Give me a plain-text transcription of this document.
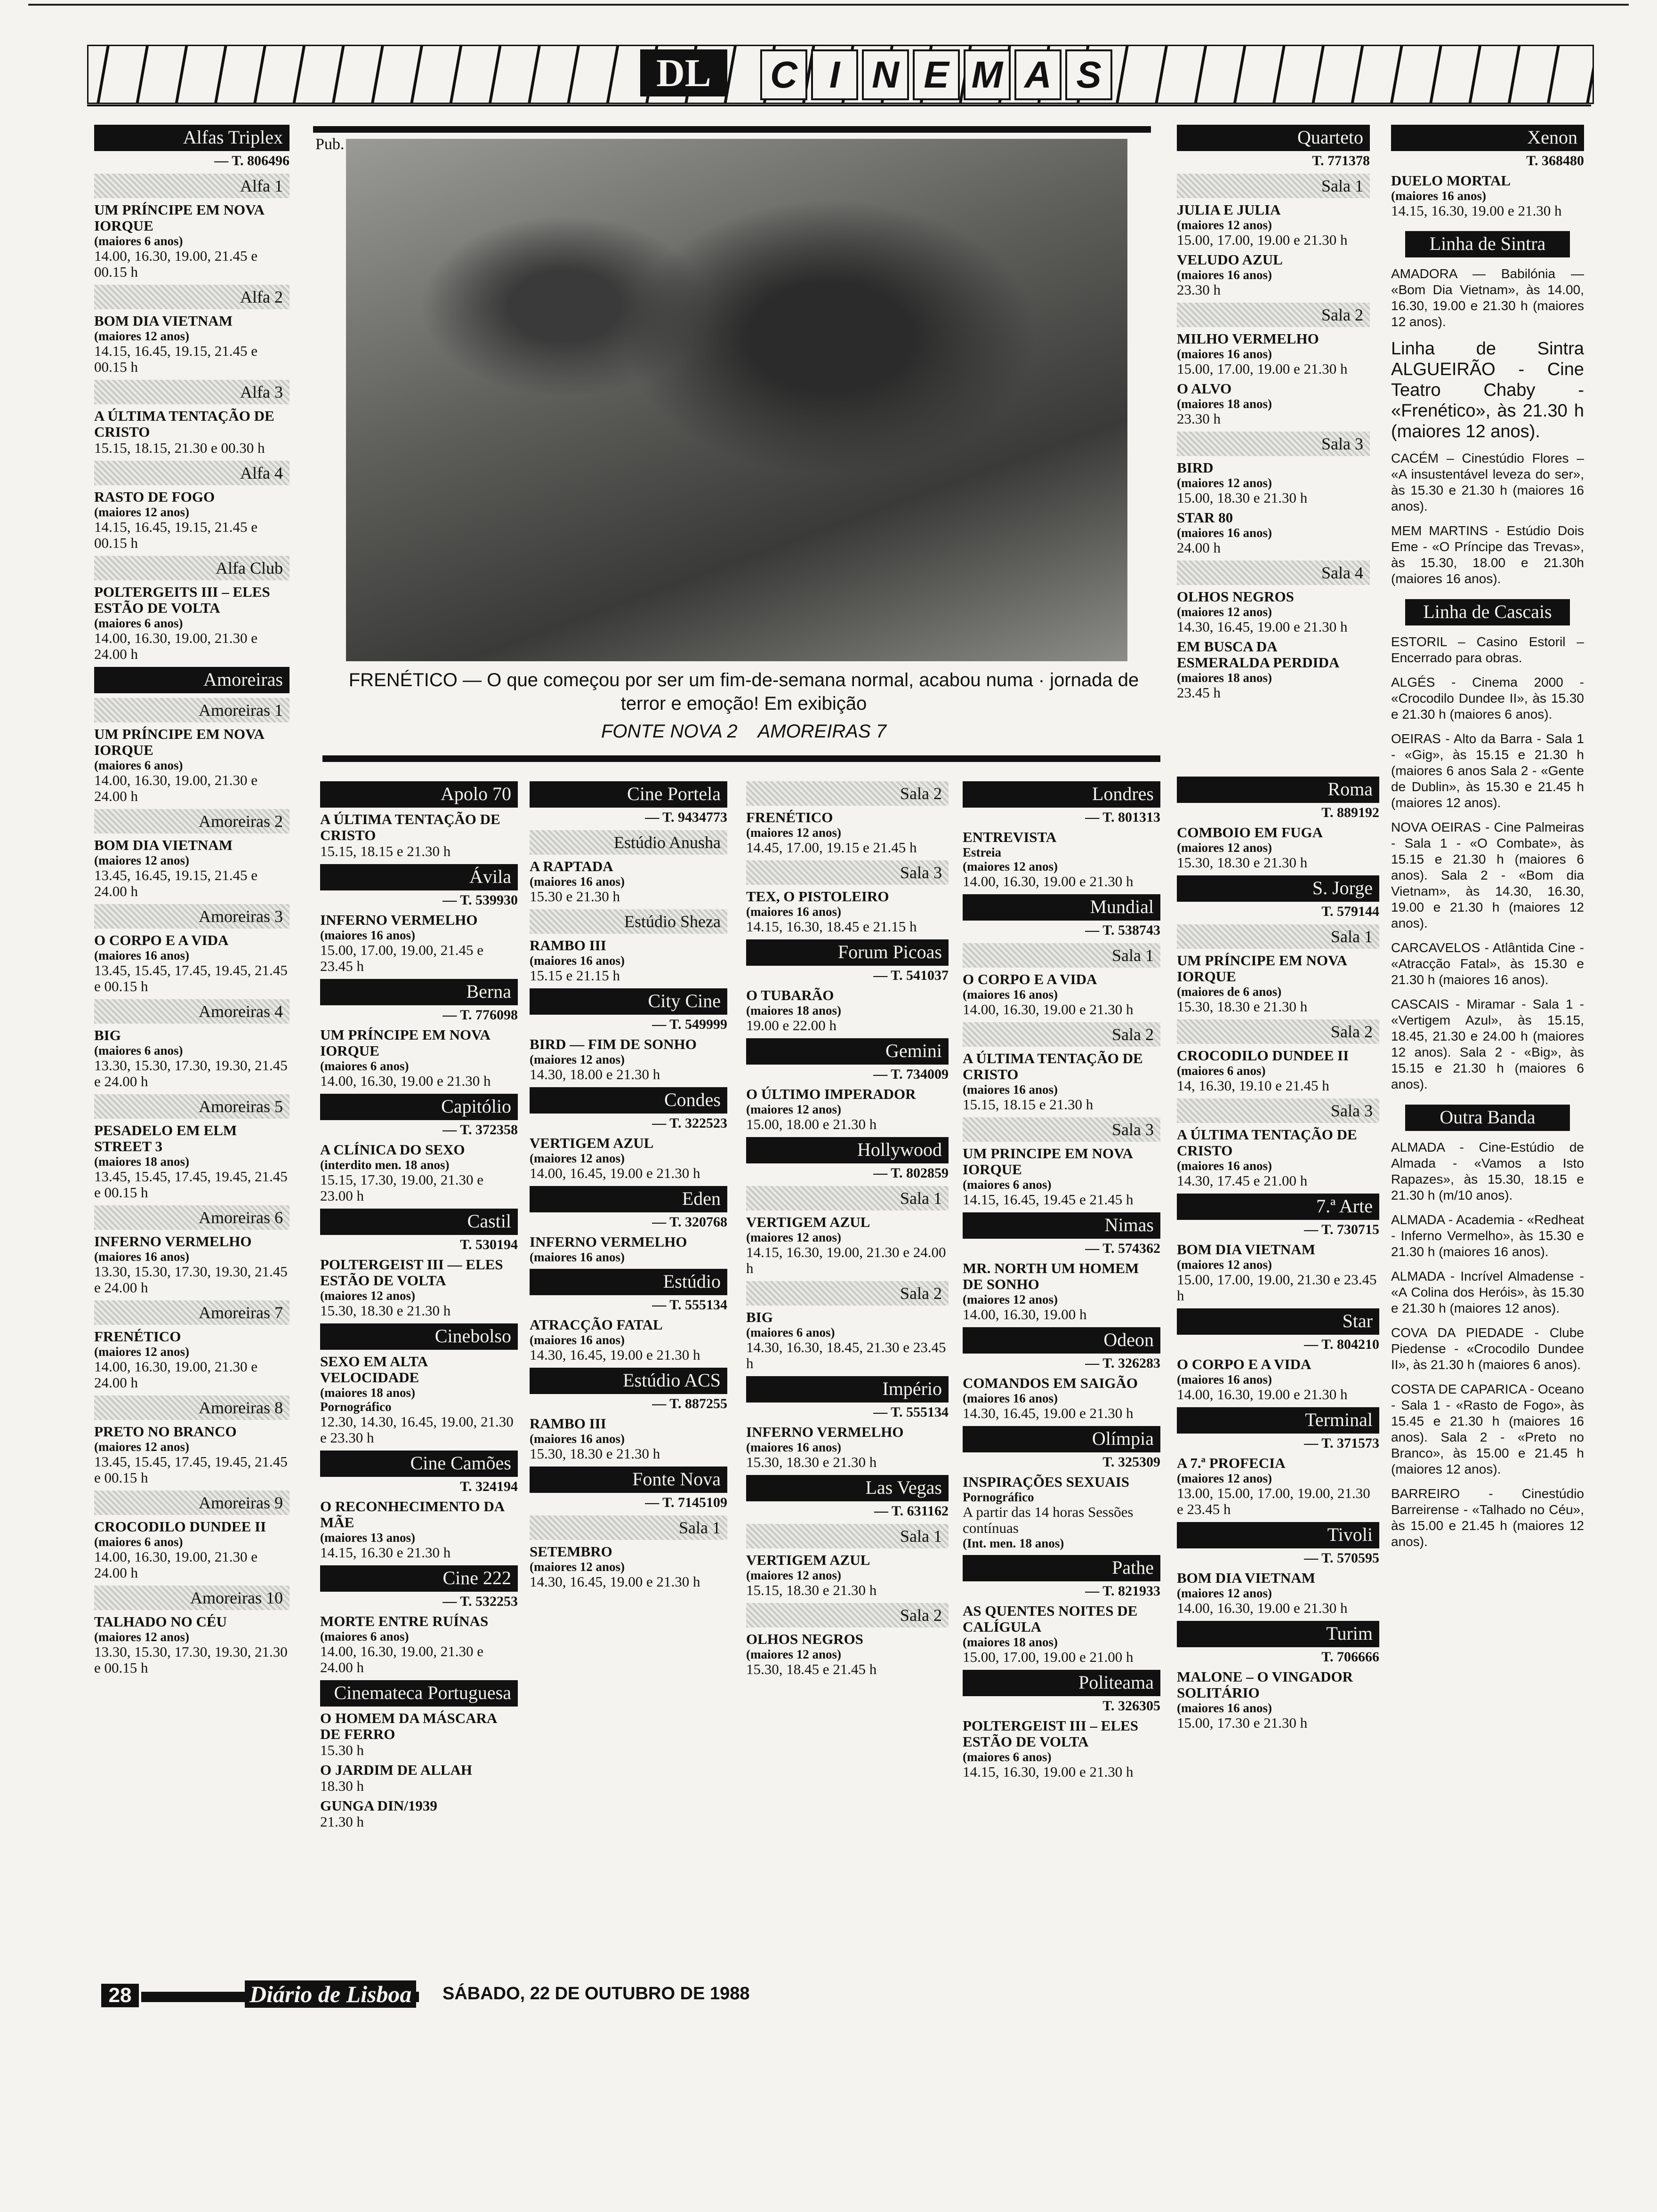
DL	C I N E M A S
Alfas Triplex
— T. 806496
Alfa 1
UM PRÍNCIPE EM NOVA IORQUE
(maiores 6 anos)
14.00, 16.30, 19.00, 21.45 e 00.15 h
Alfa 2
BOM DIA VIETNAM
(maiores 12 anos)
14.15, 16.45, 19.15, 21.45 e 00.15 h
Alfa 3
A ÚLTIMA TENTAÇÃO DE CRISTO
15.15, 18.15, 21.30 e 00.30 h
Alfa 4
RASTO DE FOGO
(maiores 12 anos)
14.15, 16.45, 19.15, 21.45 e 00.15 h
Alfa Club
POLTERGEITS III – ELES ESTÃO DE VOLTA
(maiores 6 anos)
14.00, 16.30, 19.00, 21.30 e 24.00 h
Amoreiras
Amoreiras 1
UM PRÍNCIPE EM NOVA IORQUE
(maiores 6 anos)
14.00, 16.30, 19.00, 21.30 e 24.00 h
Amoreiras 2
BOM DIA VIETNAM
(maiores 12 anos)
13.45, 16.45, 19.15, 21.45 e 24.00 h
Amoreiras 3
O CORPO E A VIDA
(maiores 16 anos)
13.45, 15.45, 17.45, 19.45, 21.45 e 00.15 h
Amoreiras 4
BIG
(maiores 6 anos)
13.30, 15.30, 17.30, 19.30, 21.45 e 24.00 h
Amoreiras 5
PESADELO EM ELM STREET 3
(maiores 18 anos)
13.45, 15.45, 17.45, 19.45, 21.45 e 00.15 h
Amoreiras 6
INFERNO VERMELHO
(maiores 16 anos)
13.30, 15.30, 17.30, 19.30, 21.45 e 24.00 h
Amoreiras 7
FRENÉTICO
(maiores 12 anos)
14.00, 16.30, 19.00, 21.30 e 24.00 h
Amoreiras 8
PRETO NO BRANCO
(maiores 12 anos)
13.45, 15.45, 17.45, 19.45, 21.45 e 00.15 h
Amoreiras 9
CROCODILO DUNDEE II
(maiores 6 anos)
14.00, 16.30, 19.00, 21.30 e 24.00 h
Amoreiras 10
TALHADO NO CÉU
(maiores 12 anos)
13.30, 15.30, 17.30, 19.30, 21.30 e 00.15 h
Apolo 70
A ÚLTIMA TENTAÇÃO DE CRISTO
15.15, 18.15 e 21.30 h
Ávila
— T. 539930
INFERNO VERMELHO
(maiores 16 anos)
15.00, 17.00, 19.00, 21.45 e 23.45 h
Berna
— T. 776098
UM PRÍNCIPE EM NOVA IORQUE
(maiores 6 anos)
14.00, 16.30, 19.00 e 21.30 h
Capitólio
— T. 372358
A CLÍNICA DO SEXO
(interdito men. 18 anos)
15.15, 17.30, 19.00, 21.30 e 23.00 h
Castil
T. 530194
POLTERGEIST III — ELES ESTÃO DE VOLTA
(maiores 12 anos)
15.30, 18.30 e 21.30 h
Cinebolso
SEXO EM ALTA VELOCIDADE
(maiores 18 anos)
Pornográfico
12.30, 14.30, 16.45, 19.00, 21.30 e 23.30 h
Cine Camões
T. 324194
O RECONHECIMENTO DA MÃE
(maiores 13 anos)
14.15, 16.30 e 21.30 h
Cine 222
— T. 532253
MORTE ENTRE RUÍNAS
(maiores 6 anos)
14.00, 16.30, 19.00, 21.30 e 24.00 h
Cinemateca Portuguesa
O HOMEM DA MÁSCARA DE FERRO
15.30 h
O JARDIM DE ALLAH
18.30 h
GUNGA DIN/1939
21.30 h
Cine Portela
— T. 9434773
Estúdio Anusha
A RAPTADA
(maiores 16 anos)
15.30 e 21.30 h
Estúdio Sheza
RAMBO III
(maiores 16 anos)
15.15 e 21.15 h
City Cine
— T. 549999
BIRD — FIM DE SONHO
(maiores 12 anos)
14.30, 18.00 e 21.30 h
Condes
— T. 322523
VERTIGEM AZUL
(maiores 12 anos)
14.00, 16.45, 19.00 e 21.30 h
Eden
— T. 320768
INFERNO VERMELHO
(maiores 16 anos)
Estúdio
— T. 555134
ATRACÇÃO FATAL
(maiores 16 anos)
14.30, 16.45, 19.00 e 21.30 h
Estúdio ACS
— T. 887255
RAMBO III
(maiores 16 anos)
15.30, 18.30 e 21.30 h
Fonte Nova
— T. 7145109
Sala 1
SETEMBRO
(maiores 12 anos)
14.30, 16.45, 19.00 e 21.30 h
Sala 2
FRENÉTICO
(maiores 12 anos)
14.45, 17.00, 19.15 e 21.45 h
Sala 3
TEX, O PISTOLEIRO
(maiores 16 anos)
14.15, 16.30, 18.45 e 21.15 h
Forum Picoas
— T. 541037
O TUBARÃO
(maiores 18 anos)
19.00 e 22.00 h
Gemini
— T. 734009
O ÚLTIMO IMPERADOR
(maiores 12 anos)
15.00, 18.00 e 21.30 h
Hollywood
— T. 802859
Sala 1
VERTIGEM AZUL
(maiores 12 anos)
14.15, 16.30, 19.00, 21.30 e 24.00 h
Sala 2
BIG
(maiores 6 anos)
14.30, 16.30, 18.45, 21.30 e 23.45 h
Império
— T. 555134
INFERNO VERMELHO
(maiores 16 anos)
15.30, 18.30 e 21.30 h
Las Vegas
— T. 631162
Sala 1
VERTIGEM AZUL
(maiores 12 anos)
15.15, 18.30 e 21.30 h
Sala 2
OLHOS NEGROS
(maiores 12 anos)
15.30, 18.45 e 21.45 h
Londres
— T. 801313
ENTREVISTA
Estreia
(maiores 12 anos)
14.00, 16.30, 19.00 e 21.30 h
Mundial
— T. 538743
Sala 1
O CORPO E A VIDA
(maiores 16 anos)
14.00, 16.30, 19.00 e 21.30 h
Sala 2
A ÚLTIMA TENTAÇÃO DE CRISTO
(maiores 16 anos)
15.15, 18.15 e 21.30 h
Sala 3
UM PRINCIPE EM NOVA IORQUE
(maiores 6 anos)
14.15, 16.45, 19.45 e 21.45 h
Nimas
— T. 574362
MR. NORTH UM HOMEM DE SONHO
(maiores 12 anos)
14.00, 16.30, 19.00 h
Odeon
— T. 326283
COMANDOS EM SAIGÃO
(maiores 16 anos)
14.30, 16.45, 19.00 e 21.30 h
Olímpia
T. 325309
INSPIRAÇÕES SEXUAIS
Pornográfico
A partir das 14 horas Sessões contínuas
(Int. men. 18 anos)
Pathe
— T. 821933
AS QUENTES NOITES DE CALÍGULA
(maiores 18 anos)
15.00, 17.00, 19.00 e 21.00 h
Politeama
T. 326305
POLTERGEIST III – ELES ESTÃO DE VOLTA
(maiores 6 anos)
14.15, 16.30, 19.00 e 21.30 h
Quarteto
T. 771378
Sala 1
JULIA E JULIA
(maiores 12 anos)
15.00, 17.00, 19.00 e 21.30 h
VELUDO AZUL
(maiores 16 anos)
23.30 h
Sala 2
MILHO VERMELHO
(maiores 16 anos)
15.00, 17.00, 19.00 e 21.30 h
O ALVO
(maiores 18 anos)
23.30 h
Sala 3
BIRD
(maiores 12 anos)
15.00, 18.30 e 21.30 h
STAR 80
(maiores 16 anos)
24.00 h
Sala 4
OLHOS NEGROS
(maiores 12 anos)
14.30, 16.45, 19.00 e 21.30 h
EM BUSCA DA ESMERALDA PERDIDA
(maiores 18 anos)
23.45 h
Roma
T. 889192
COMBOIO EM FUGA
(maiores 12 anos)
15.30, 18.30 e 21.30 h
S. Jorge
T. 579144
Sala 1
UM PRÍNCIPE EM NOVA IORQUE
(maiores de 6 anos)
15.30, 18.30 e 21.30 h
Sala 2
CROCODILO DUNDEE II
(maiores 6 anos)
14, 16.30, 19.10 e 21.45 h
Sala 3
A ÚLTIMA TENTAÇÃO DE CRISTO
(maiores 16 anos)
14.30, 17.45 e 21.00 h
7.ª Arte
— T. 730715
BOM DIA VIETNAM
(maiores 12 anos)
15.00, 17.00, 19.00, 21.30 e 23.45 h
Star
— T. 804210
O CORPO E A VIDA
(maiores 16 anos)
14.00, 16.30, 19.00 e 21.30 h
Terminal
— T. 371573
A 7.ª PROFECIA
(maiores 12 anos)
13.00, 15.00, 17.00, 19.00, 21.30 e 23.45 h
Tivoli
— T. 570595
BOM DIA VIETNAM
(maiores 12 anos)
14.00, 16.30, 19.00 e 21.30 h
Turim
T. 706666
MALONE – O VINGADOR SOLITÁRIO
(maiores 16 anos)
15.00, 17.30 e 21.30 h
Xenon
T. 368480
DUELO MORTAL
(maiores 16 anos)
14.15, 16.30, 19.00 e 21.30 h
Linha de Sintra
AMADORA — Babilónia — «Bom Dia Vietnam», às 14.00, 16.30, 19.00 e 21.30 h (maiores 12 anos).
Linha de Sintra ALGUEIRÃO - Cine Teatro Chaby - «Frenético», às 21.30 h (maiores 12 anos).
CACÉM – Cinestúdio Flores – «A insustentável leveza do ser», às 15.30 e 21.30 h (maiores 16 anos).
MEM MARTINS - Estúdio Dois Eme - «O Príncipe das Trevas», às 15.30, 18.00 e 21.30h (maiores 16 anos).
Linha de Cascais
ESTORIL – Casino Estoril – Encerrado para obras.
ALGÉS - Cinema 2000 - «Crocodilo Dundee II», às 15.30 e 21.30 h (maiores 6 anos).
OEIRAS - Alto da Barra - Sala 1 - «Gig», às 15.15 e 21.30 h (maiores 6 anos Sala 2 - «Gente de Dublin», às 15.30 e 21.45 h (maiores 12 anos).
NOVA OEIRAS - Cine Palmeiras - Sala 1 - «O Combate», às 15.15 e 21.30 h (maiores 6 anos). Sala 2 - «Bom dia Vietnam», às 14.30, 16.30, 19.00 e 21.30 h (maiores 12 anos).
CARCAVELOS - Atlântida Cine - «Atracção Fatal», às 15.30 e 21.30 h (maiores 16 anos).
CASCAIS - Miramar - Sala 1 - «Vertigem Azul», às 15.15, 18.45, 21.30 e 24.00 h (maiores 12 anos). Sala 2 - «Big», às 15.15 e 21.30 h (maiores 6 anos).
Outra Banda
ALMADA - Cine-Estúdio de Almada - «Vamos a Isto Rapazes», às 15.30, 18.15 e 21.30 h (m/10 anos).
ALMADA - Academia - «Redheat - Inferno Vermelho», às 15.30 e 21.30 h (maiores 16 anos).
ALMADA - Incrível Almadense - «A Colina dos Heróis», às 15.30 e 21.30 h (maiores 12 anos).
COVA DA PIEDADE - Clube Piedense - «Crocodilo Dundee II», às 21.30 h (maiores 6 anos).
COSTA DE CAPARICA - Oceano - Sala 1 - «Rasto de Fogo», às 15.45 e 21.30 h (maiores 16 anos). Sala 2 - «Preto no Branco», às 15.00 e 21.45 h (maiores 12 anos).
BARREIRO - Cinestúdio Barreirense - «Talhado no Céu», às 15.00 e 21.45 h (maiores 12 anos).
Pub.
FRENÉTICO — O que começou por ser um fim-de-semana normal, acabou numa · jornada de terror e emoção! Em exibição
FONTE NOVA 2    AMOREIRAS 7
28	Diário de Lisboa SÁBADO, 22 DE OUTUBRO DE 1988
